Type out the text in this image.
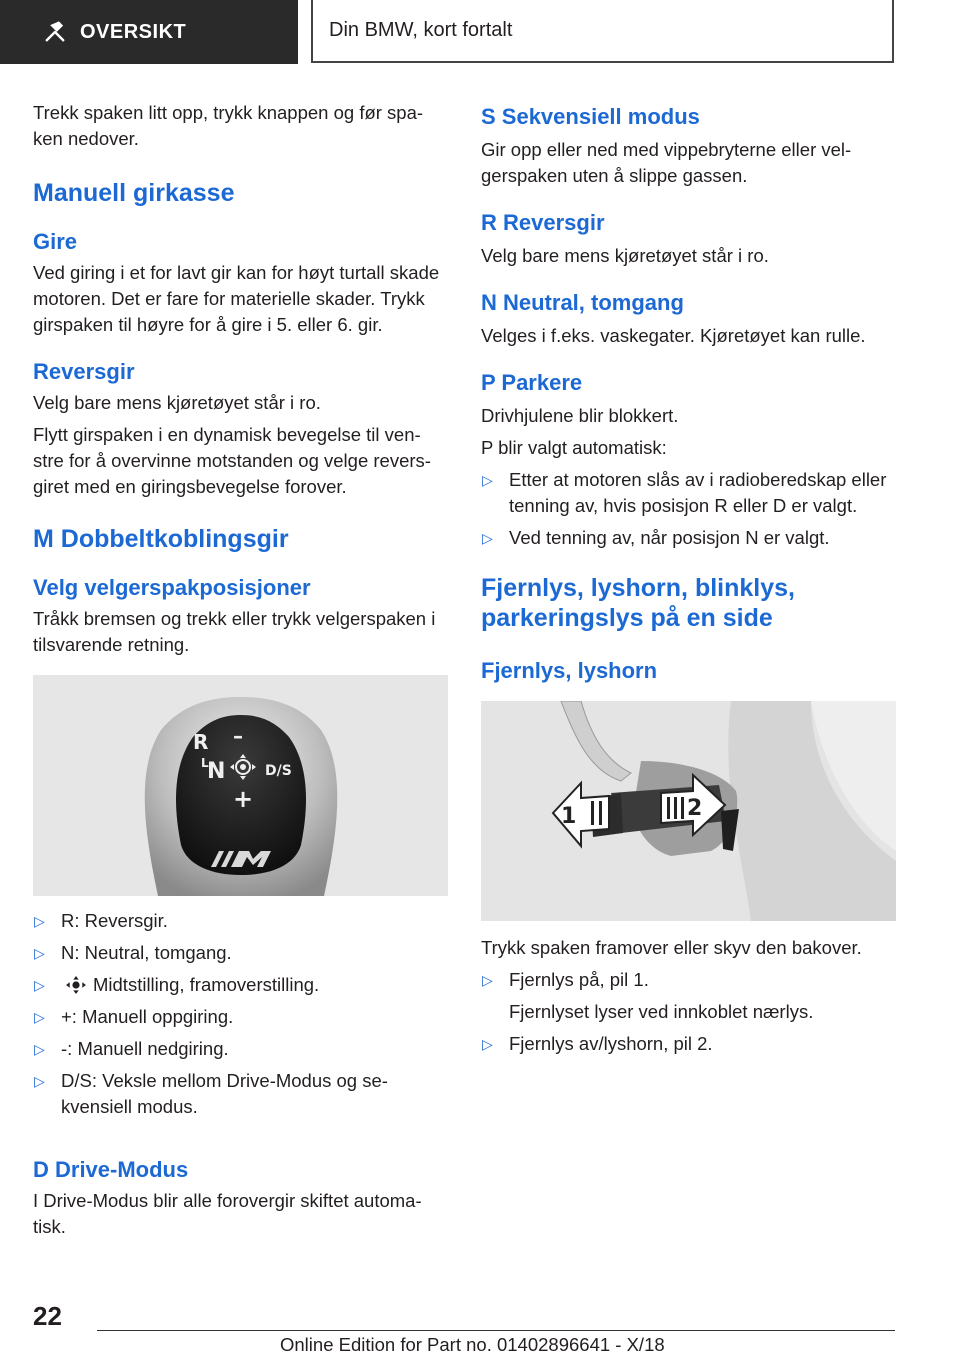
OVERSIKT	Din BMW, kort fortalt

Trekk spaken litt opp, trykk knappen og før spa-ken nedover.

Manuell girkasse
Gire

Ved giring i et for lavt gir kan for høyt turtall skade motoren. Det er fare for materielle skader. Trykk girspaken til høyre for å gire i 5. eller 6. gir.

Reversgir

Velg bare mens kjøretøyet står i ro.

Flytt girspaken i en dynamisk bevegelse til ven-stre for å overvinne motstanden og velge revers-giret med en giringsbevegelse forover.

M Dobbeltkoblingsgir
Velg velgerspakposisjoner

Tråkk bremsen og trekk eller trykk velgerspaken i tilsvarende retning.

R –
L
N	D/S
+
▷ R: Reversgir.
▷ N: Neutral, tomgang.
▷	Midtstilling, framoverstilling.
▷ +: Manuell oppgiring.
▷ -: Manuell nedgiring.
▷ D/S: Veksle mellom Drive-Modus og se-kvensiell modus.
D Drive-Modus

I Drive-Modus blir alle forovergir skiftet automa-tisk.

S Sekvensiell modus

Gir opp eller ned med vippebryterne eller vel-gerspaken uten å slippe gassen.

R Reversgir

Velg bare mens kjøretøyet står i ro.

N Neutral, tomgang

Velges i f.eks. vaskegater. Kjøretøyet kan rulle.

P Parkere

Drivhjulene blir blokkert.

P blir valgt automatisk:

▷ Etter at motoren slås av i radioberedskap eller tenning av, hvis posisjon R eller D er valgt.
▷ Ved tenning av, når posisjon N er valgt.
Fjernlys, lyshorn, blinklys, parkeringslys på en side
Fjernlys, lyshorn
1	2

Trykk spaken framover eller skyv den bakover.

▷ Fjernlys på, pil 1.
Fjernlyset lyser ved innkoblet nærlys.
▷ Fjernlys av/lyshorn, pil 2.
22
Online Edition for Part no. 01402896641 - X/18
